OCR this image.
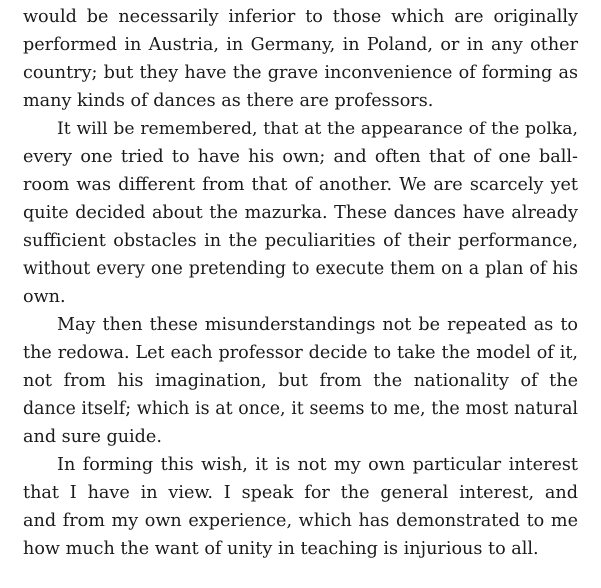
would be necessarily inferior to those which are originally
performed in Austria, in Germany, in Poland, or in any other
country; but they have the grave inconvenience of forming as
many kinds of dances as there are professors.
It will be remembered, that at the appearance of the polka,
every one tried to have his own; and often that of one ball-
room was different from that of another. We are scarcely yet
quite decided about the mazurka. These dances have already
sufficient obstacles in the peculiarities of their performance,
without every one pretending to execute them on a plan of his
own.
May then these misunderstandings not be repeated as to
the redowa. Let each professor decide to take the model of it,
not from his imagination, but from the nationality of the
dance itself; which is at once, it seems to me, the most natural
and sure guide.
In forming this wish, it is not my own particular interest
that I have in view. I speak for the general interest, and
and from my own experience, which has demonstrated to me
how much the want of unity in teaching is injurious to all.
